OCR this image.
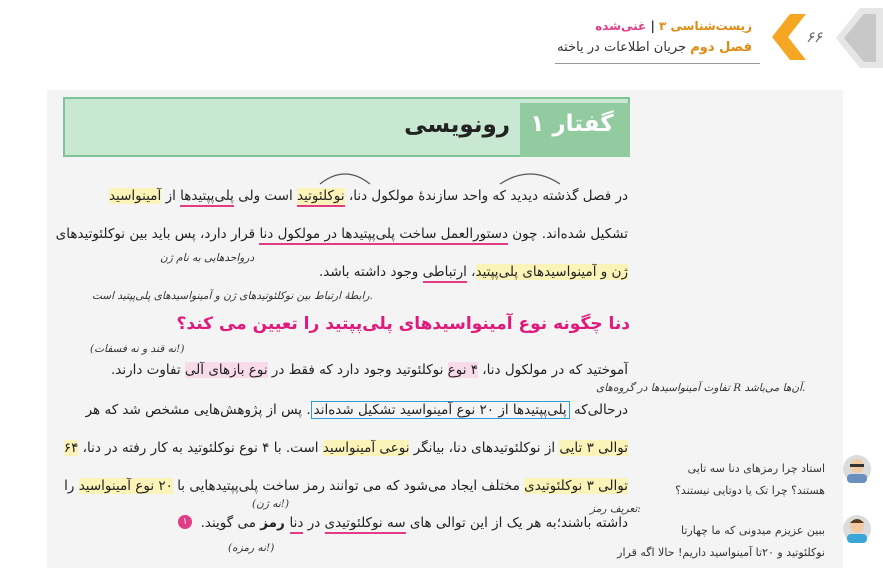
۶۶
زیست‌شناسی ۳ | غنی‌شده
فصل دوم جریان اطلاعات در یاخته
گفتار ۱
رونویسی
در فصل گذشته دیدید که واحد سازندهٔ مولکول دنا، نوکلئوتید است ولی پلی‌پپتیدها از آمینواسید
تشکیل شده‌اند. چون دستورالعمل ساخت پلی‌پپتیدها در مولکول دنا قرار دارد، پس باید بین نوکلئوتیدهای
درواحدهایی به نام ژن
ژن و آمینواسیدهای پلی‌پپتید، ارتباطی وجود داشته باشد.
رابطهٔ ارتباط بین نوکلئوتیدهای ژن و آمینواسیدهای پلی‌پپتید است.
دنا چگونه نوع آمینواسیدهای پلی‌پپتید را تعیین می کند؟
(نه قند و نه فسفات!)
آموختید که در مولکول دنا، ۴ نوع نوکلئوتید وجود دارد که فقط در نوع بازهای آلی تفاوت دارند.
تفاوت آمینواسیدها در گروه‌های R آن‌ها می‌باشد.
درحالی‌که پلی‌پپتیدها از ۲۰ نوع آمینواسید تشکیل شده‌اند. پس از پژوهش‌هایی مشخص شد که هر
توالی ۳ تایی از نوکلئوتیدهای دنا، بیانگر نوعی آمینواسید است. با ۴ نوع نوکلئوتید به کار رفته در دنا، ۶۴
توالی ۳ نوکلئوتیدی مختلف ایجاد می‌شود که می توانند رمز ساخت پلی‌پپتیدهایی با ۲۰ نوع آمینواسید را
تعریف رمز:
(نه ژن!)
داشته باشند؛به هر یک از این توالی های سه نوکلئوتیدی در دنا رمز می گویند.
۱
(نه رمزه!)
استاد چرا رمزهای دنا سه تایی
هستند؟ چرا تک یا دوتایی نیستند؟
ببین عزیزم میدونی که ما چهارتا
نوکلئوتید و ۲۰تا آمینواسید داریم! حالا اگه قرار
